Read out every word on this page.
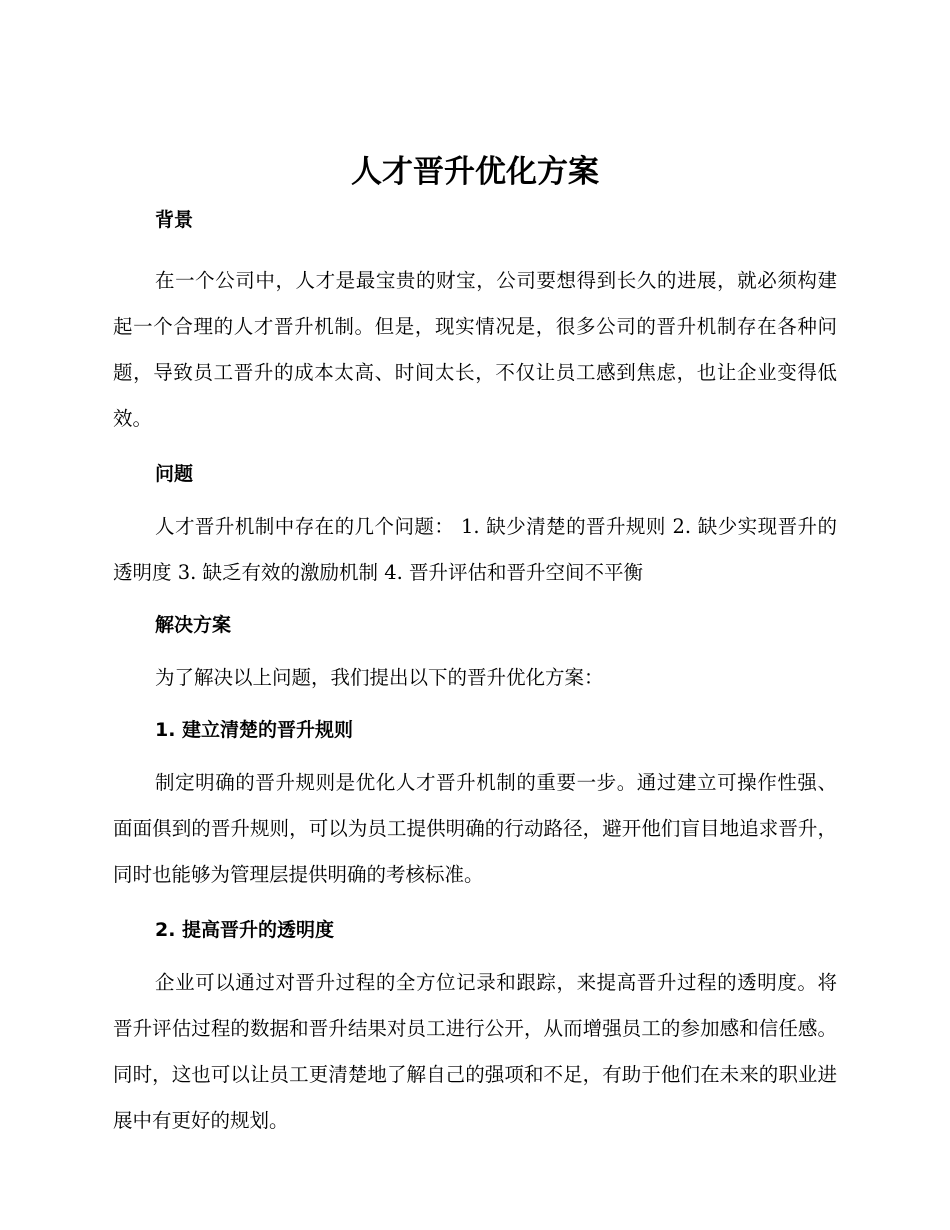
人才晋升优化方案
背景

在一个公司中，人才是最宝贵的财宝，公司要想得到长久的进展，就必须构建起一个合理的人才晋升机制。但是，现实情况是，很多公司的晋升机制存在各种问题，导致员工晋升的成本太高、时间太长，不仅让员工感到焦虑，也让企业变得低效。

问题

人才晋升机制中存在的几个问题： 1. 缺少清楚的晋升规则 2. 缺少实现晋升的透明度 3. 缺乏有效的激励机制 4. 晋升评估和晋升空间不平衡

解决方案

为了解决以上问题，我们提出以下的晋升优化方案：

1. 建立清楚的晋升规则

制定明确的晋升规则是优化人才晋升机制的重要一步。通过建立可操作性强、面面俱到的晋升规则，可以为员工提供明确的行动路径，避开他们盲目地追求晋升，同时也能够为管理层提供明确的考核标准。

2. 提高晋升的透明度

企业可以通过对晋升过程的全方位记录和跟踪，来提高晋升过程的透明度。将晋升评估过程的数据和晋升结果对员工进行公开，从而增强员工的参加感和信任感。同时，这也可以让员工更清楚地了解自己的强项和不足，有助于他们在未来的职业进展中有更好的规划。
